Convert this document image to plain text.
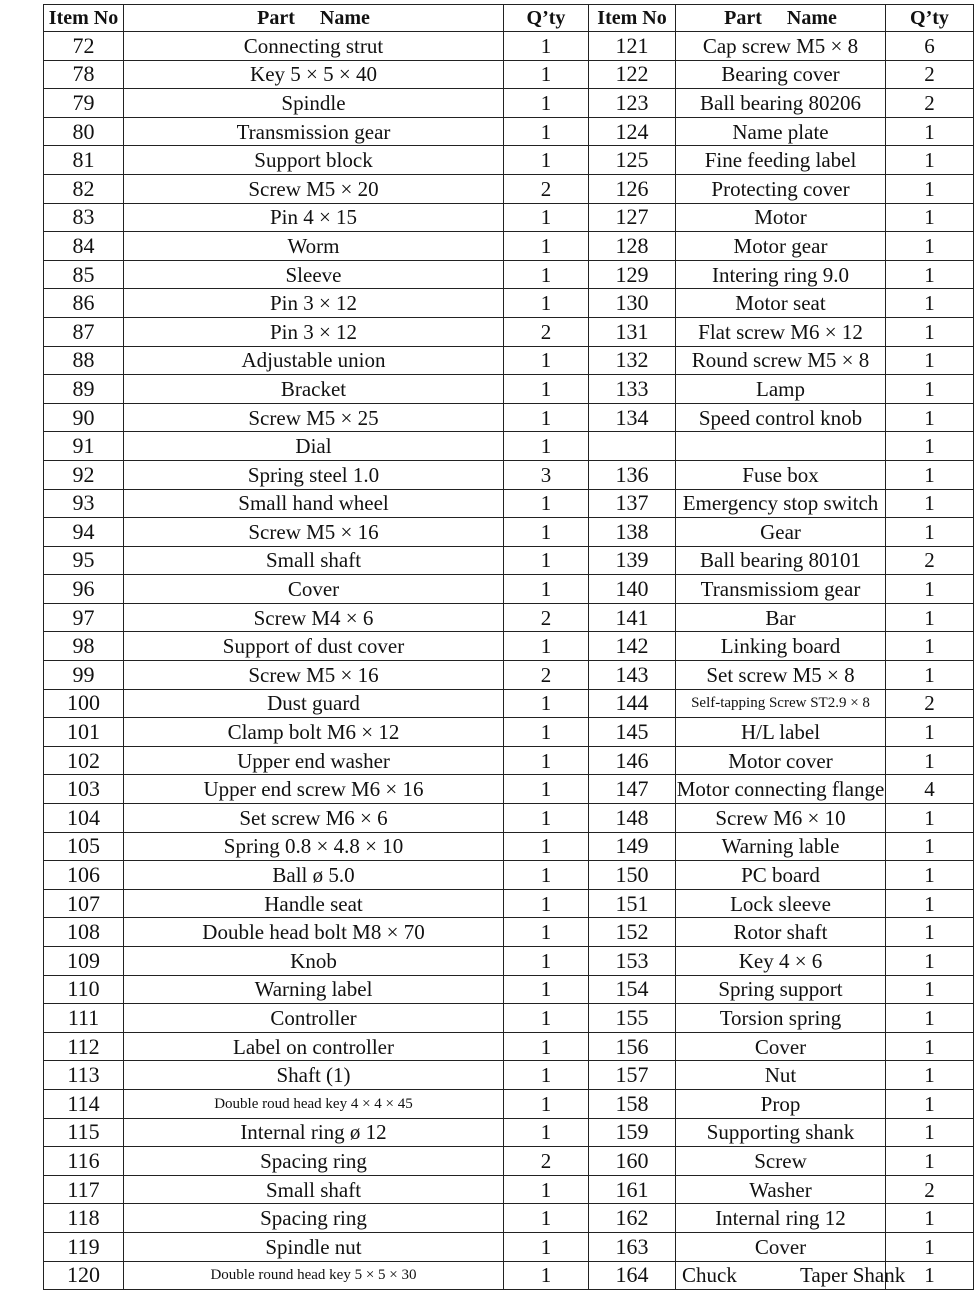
Item No	Part Name	Q’ty	Item No	Part Name	Q’ty
72	Connecting strut	1	121	Cap screw M5 × 8	6
78	Key 5 × 5 × 40	1	122	Bearing cover	2
79	Spindle	1	123	Ball bearing 80206	2
80	Transmission gear	1	124	Name plate	1
81	Support block	1	125	Fine feeding label	1
82	Screw M5 × 20	2	126	Protecting cover	1
83	Pin 4 × 15	1	127	Motor	1
84	Worm	1	128	Motor gear	1
85	Sleeve	1	129	Intering ring 9.0	1
86	Pin 3 × 12	1	130	Motor seat	1
87	Pin 3 × 12	2	131	Flat screw M6 × 12	1
88	Adjustable union	1	132	Round screw M5 × 8	1
89	Bracket	1	133	Lamp	1
90	Screw M5 × 25	1	134	Speed control knob	1
91	Dial	1			1
92	Spring steel 1.0	3	136	Fuse box	1
93	Small hand wheel	1	137	Emergency stop switch	1
94	Screw M5 × 16	1	138	Gear	1
95	Small shaft	1	139	Ball bearing 80101	2
96	Cover	1	140	Transmissiom gear	1
97	Screw M4 × 6	2	141	Bar	1
98	Support of dust cover	1	142	Linking board	1
99	Screw M5 × 16	2	143	Set screw M5 × 8	1
100	Dust guard	1	144	Self-tapping Screw ST2.9 × 8	2
101	Clamp bolt M6 × 12	1	145	H/L label	1
102	Upper end washer	1	146	Motor cover	1
103	Upper end screw M6 × 16	1	147	Motor connecting flange	4
104	Set screw M6 × 6	1	148	Screw M6 × 10	1
105	Spring 0.8 × 4.8 × 10	1	149	Warning lable	1
106	Ball ø 5.0	1	150	PC board	1
107	Handle seat	1	151	Lock sleeve	1
108	Double head bolt M8 × 70	1	152	Rotor shaft	1
109	Knob	1	153	Key 4 × 6	1
110	Warning label	1	154	Spring support	1
111	Controller	1	155	Torsion spring	1
112	Label on controller	1	156	Cover	1
113	Shaft (1)	1	157	Nut	1
114	Double roud head key 4 × 4 × 45	1	158	Prop	1
115	Internal ring ø 12	1	159	Supporting shank	1
116	Spacing ring	2	160	Screw	1
117	Small shaft	1	161	Washer	2
118	Spacing ring	1	162	Internal ring 12	1
119	Spindle nut	1	163	Cover	1
120	Double round head key 5 × 5 × 30	1	164	Chuck Taper Shank	1
